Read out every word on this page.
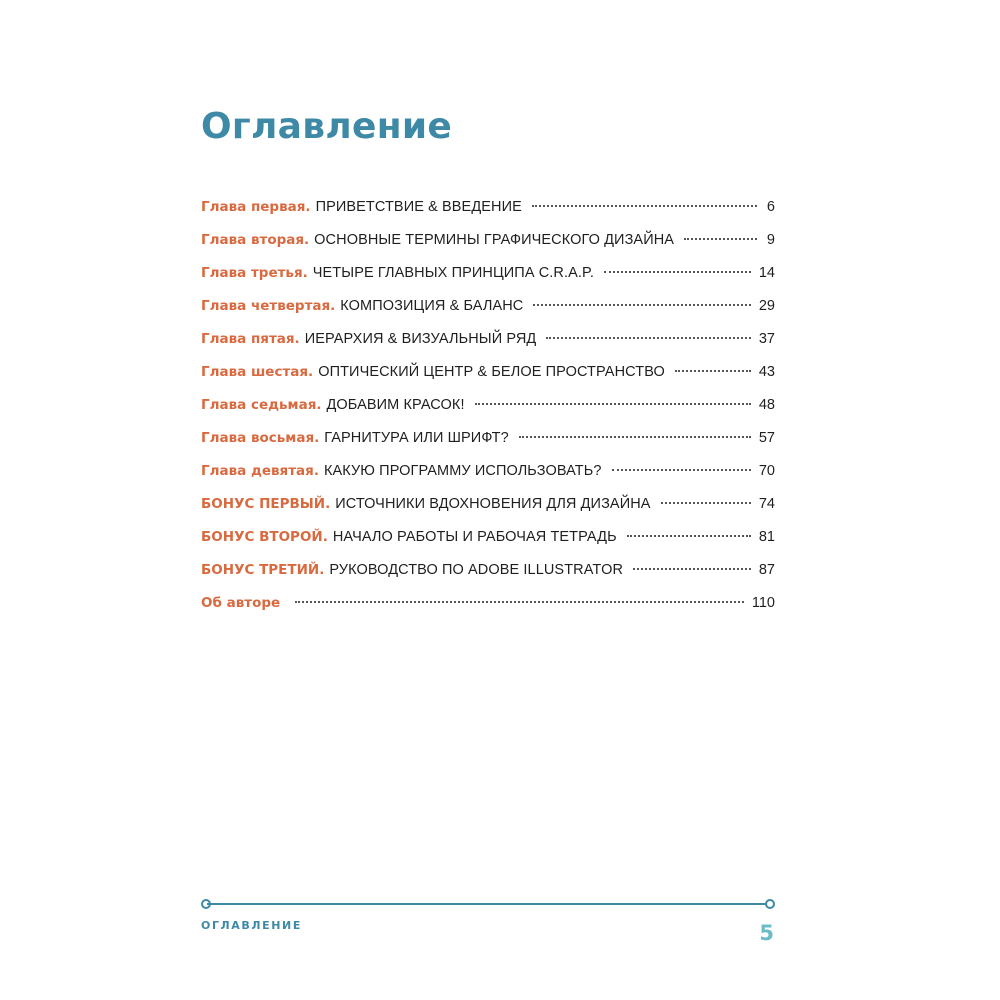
Оглавление
Глава первая. ПРИВЕТСТВИЕ & ВВЕДЕНИЕ	6
Глава вторая. ОСНОВНЫЕ ТЕРМИНЫ ГРАФИЧЕСКОГО ДИЗАЙНА	9
Глава третья. ЧЕТЫРЕ ГЛАВНЫХ ПРИНЦИПА C.R.A.P.	14
Глава четвертая. КОМПОЗИЦИЯ & БАЛАНС	29
Глава пятая. ИЕРАРХИЯ & ВИЗУАЛЬНЫЙ РЯД	37
Глава шестая. ОПТИЧЕСКИЙ ЦЕНТР & БЕЛОЕ ПРОСТРАНСТВО	43
Глава седьмая. ДОБАВИМ КРАСОК!	48
Глава восьмая. ГАРНИТУРА ИЛИ ШРИФТ?	57
Глава девятая. КАКУЮ ПРОГРАММУ ИСПОЛЬЗОВАТЬ?	70
БОНУС ПЕРВЫЙ. ИСТОЧНИКИ ВДОХНОВЕНИЯ ДЛЯ ДИЗАЙНА	74
БОНУС ВТОРОЙ. НАЧАЛО РАБОТЫ И РАБОЧАЯ ТЕТРАДЬ	81
БОНУС ТРЕТИЙ. РУКОВОДСТВО ПО ADOBE ILLUSTRATOR	87
Об авторе	110
ОГЛАВЛЕНИЕ	5
